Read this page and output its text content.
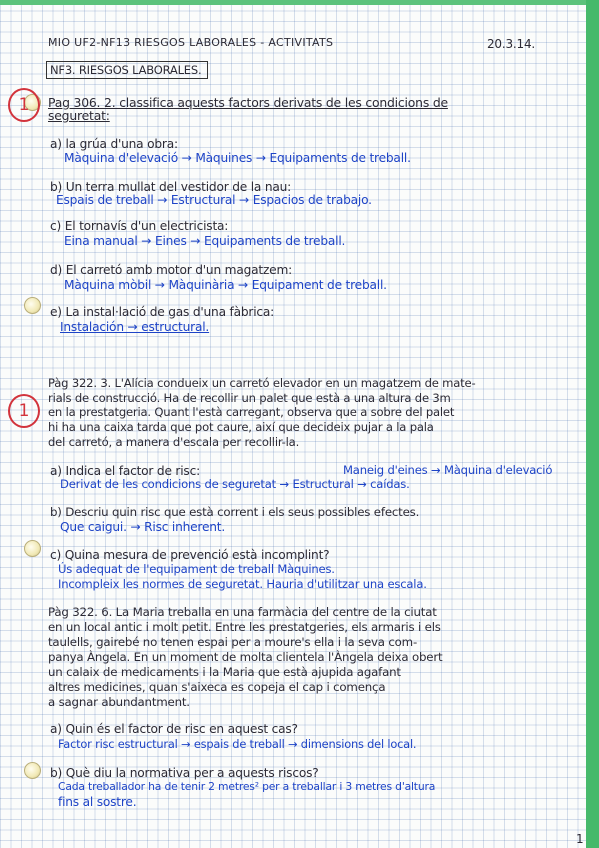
1
1
MIO UF2-NF13 RIESGOS LABORALES - ACTIVITATS	20.3.14.
NF3. RIESGOS LABORALES.
Pag 306. 2. classifica aquests factors derivats de les condicions de
seguretat:
a) la grúa d'una obra:
Màquina d'elevació → Màquines → Equipaments de treball.
b) Un terra mullat del vestidor de la nau:
Espais de treball → Estructural → Espacios de trabajo.
c) El tornavís d'un electricista:
Eina manual → Eines → Equipaments de treball.
d) El carretó amb motor d'un magatzem:
Màquina mòbil → Màquinària → Equipament de treball.
e) La instal·lació de gas d'una fàbrica:
Instalación → estructural.
Pàg 322. 3. L'Alícia condueix un carretó elevador en un magatzem de mate-
rials de construcció. Ha de recollir un palet que està a una altura de 3m
en la prestatgeria. Quant l'està carregant, observa que a sobre del palet
hi ha una caixa tarda que pot caure, així que decideix pujar a la pala
del carretó, a manera d'escala per recollir-la.
a) Indica el factor de risc:	Maneig d'eines → Màquina d'elevació
Derivat de les condicions de seguretat → Estructural → caídas.
b) Descriu quin risc que està corrent i els seus possibles efectes.
Que caigui. → Risc inherent.
c) Quina mesura de prevenció està incomplint?
Ús adequat de l'equipament de treball Màquines.
Incompleix les normes de seguretat. Hauria d'utilitzar una escala.
Pàg 322. 6. La Maria treballa en una farmàcia del centre de la ciutat
en un local antic i molt petit. Entre les prestatgeries, els armaris i els
taulells, gairebé no tenen espai per a moure's ella i la seva com-
panya Àngela. En un moment de molta clientela l'Àngela deixa obert
un calaix de medicaments i la Maria que està ajupida agafant
altres medicines, quan s'aixeca es copeja el cap i comença
a sagnar abundantment.
a) Quin és el factor de risc en aquest cas?
Factor risc estructural → espais de treball → dimensions del local.
b) Què diu la normativa per a aquests riscos?
Cada treballador ha de tenir 2 metres² per a treballar i 3 metres d'altura
fins al sostre.
1
